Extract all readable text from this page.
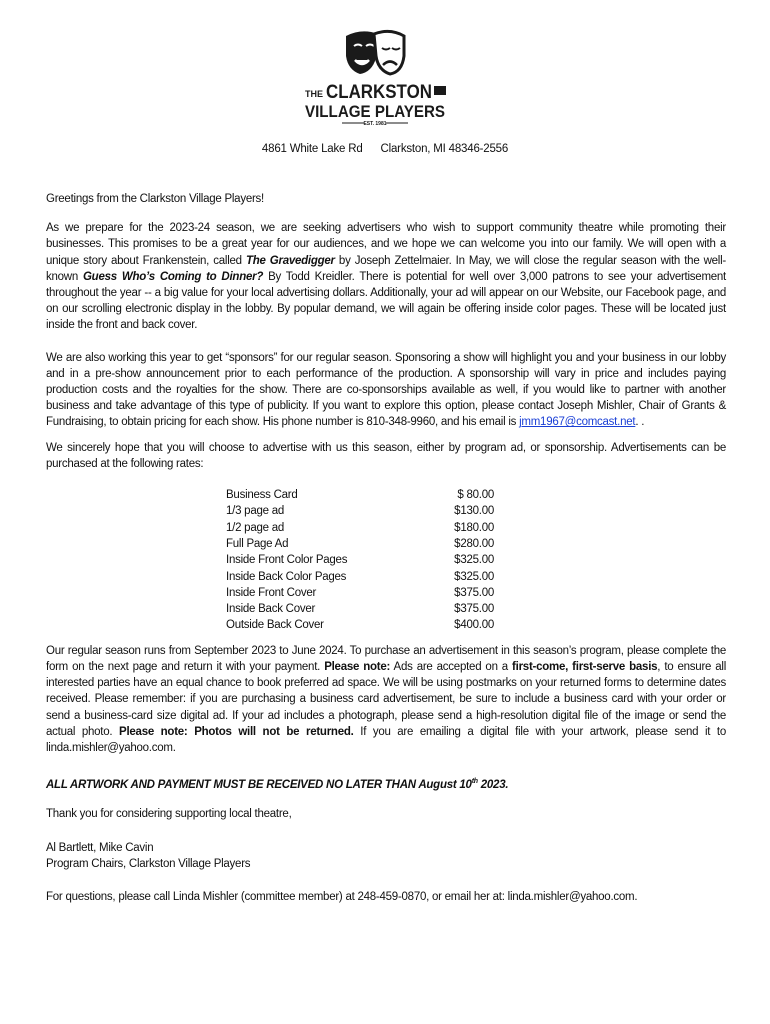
THE CLARKSTON
VILLAGE PLAYERS
EST. 1981
4861 White Lake Rd Clarkston, MI 48346-2556

Greetings from the Clarkston Village Players!

As we prepare for the 2023-24 season, we are seeking advertisers who wish to support community theatre while promoting their businesses. This promises to be a great year for our audiences, and we hope we can welcome you into our family. We will open with a unique story about Frankenstein, called The Gravedigger by Joseph Zettelmaier. In May, we will close the regular season with the well-known Guess Who’s Coming to Dinner? By Todd Kreidler. There is potential for well over 3,000 patrons to see your advertisement throughout the year -- a big value for your local advertising dollars. Additionally, your ad will appear on our Website, our Facebook page, and on our scrolling electronic display in the lobby. By popular demand, we will again be offering inside color pages. These will be located just inside the front and back cover.

We are also working this year to get “sponsors” for our regular season. Sponsoring a show will highlight you and your business in our lobby and in a pre-show announcement prior to each performance of the production. A sponsorship will vary in price and includes paying production costs and the royalties for the show. There are co-sponsorships available as well, if you would like to partner with another business and take advantage of this type of publicity. If you want to explore this option, please contact Joseph Mishler, Chair of Grants & Fundraising, to obtain pricing for each show. His phone number is 810-348-9960, and his email is jmm1967@comcast.net. .

We sincerely hope that you will choose to advertise with us this season, either by program ad, or sponsorship. Advertisements can be purchased at the following rates:

Business Card	$ 80.00
1/3 page ad	$130.00
1/2 page ad	$180.00
Full Page Ad	$280.00
Inside Front Color Pages	$325.00
Inside Back Color Pages	$325.00
Inside Front Cover	$375.00
Inside Back Cover	$375.00
Outside Back Cover	$400.00

Our regular season runs from September 2023 to June 2024. To purchase an advertisement in this season’s program, please complete the form on the next page and return it with your payment. Please note: Ads are accepted on a first-come, first-serve basis, to ensure all interested parties have an equal chance to book preferred ad space. We will be using postmarks on your returned forms to determine dates received. Please remember: if you are purchasing a business card advertisement, be sure to include a business card with your order or send a business-card size digital ad. If your ad includes a photograph, please send a high-resolution digital file of the image or send the actual photo. Please note: Photos will not be returned. If you are emailing a digital file with your artwork, please send it to linda.mishler@yahoo.com.

ALL ARTWORK AND PAYMENT MUST BE RECEIVED NO LATER THAN August 10th 2023.

Thank you for considering supporting local theatre,

Al Bartlett, Mike Cavin

Program Chairs, Clarkston Village Players

For questions, please call Linda Mishler (committee member) at 248-459-0870, or email her at: linda.mishler@yahoo.com.
